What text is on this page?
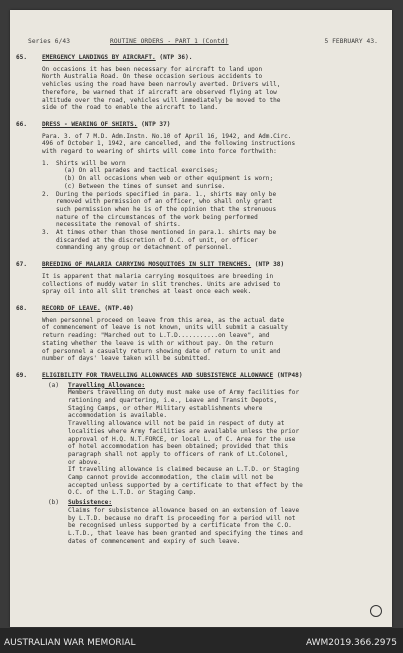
Series 6/43	ROUTINE ORDERS - PART 1 (Contd)	5 FEBRUARY 43.
65. EMERGENCY LANDINGS BY AIRCRAFT. (NTP 36).

On occasions it has been necessary for aircraft to land upon

North Australia Road. On these occasion serious accidents to

vehicles using the road have been narrowly averted. Drivers will,

therefore, be warned that if aircraft are observed flying at low

altitude over the road, vehicles will immediately be moved to the

side of the road to enable the aircraft to land.

66. DRESS - WEARING OF SHIRTS. (NTP 37)

Para. 3. of 7 M.D. Adm.Instn. No.10 of April 16, 1942, and Adm.Circ.

496 of October 1, 1942, are cancelled, and the following instructions

with regard to wearing of shirts will come into force forthwith:

1. Shirts will be worn

(a) On all parades and tactical exercises;

(b) On all occasions when web or other equipment is worn;

(c) Between the times of sunset and sunrise.

2. During the periods specified in para. 1., shirts may only be

removed with permission of an officer, who shall only grant

such permission when he is of the opinion that the strenuous

nature of the circumstances of the work being performed

necessitate the removal of shirts.

3. At times other than those mentioned in para.1. shirts may be

discarded at the discretion of O.C. of unit, or officer

commanding any group or detachment of personnel.

67. BREEDING OF MALARIA CARRYING MOSQUITOES IN SLIT TRENCHES. (NTP 38)

It is apparent that malaria carrying mosquitoes are breeding in

collections of muddy water in slit trenches. Units are advised to

spray oil into all slit trenches at least once each week.

68. RECORD OF LEAVE. (NTP.40)

When personnel proceed on leave from this area, as the actual date

of commencement of leave is not known, units will submit a casualty

return reading: "Marched out to L.T.D...........on leave", and

stating whether the leave is with or without pay. On the return

of personnel a casualty return showing date of return to unit and

number of days' leave taken will be submitted.

69. ELIGIBILITY FOR TRAVELLING ALLOWANCES AND SUBSISTENCE ALLOWANCE (NTP48)

(a) Travelling Allowance:

Members travelling on duty must make use of Army facilities for

rationing and quartering, i.e., Leave and Transit Depots,

Staging Camps, or other Military establishments where

accommodation is available.

Travelling allowance will not be paid in respect of duty at

localities where Army facilities are available unless the prior

approval of H.Q. N.T.FORCE, or local L. of C. Area for the use

of hotel accommodation has been obtained; provided that this

paragraph shall not apply to officers of rank of Lt.Colonel,

or above.

If travelling allowance is claimed because an L.T.D. or Staging

Camp cannot provide accommodation, the claim will not be

accepted unless supported by a certificate to that effect by the

O.C. of the L.T.D. or Staging Camp.

(b) Subsistence:

Claims for subsistence allowance based on an extension of leave

by L.T.D. because no draft is proceeding for a period will not

be recognised unless supported by a certificate from the C.O.

L.T.D., that leave has been granted and specifying the times and

dates of commencement and expiry of such leave.

AUSTRALIAN WAR MEMORIAL	AWM2019.366.2975
